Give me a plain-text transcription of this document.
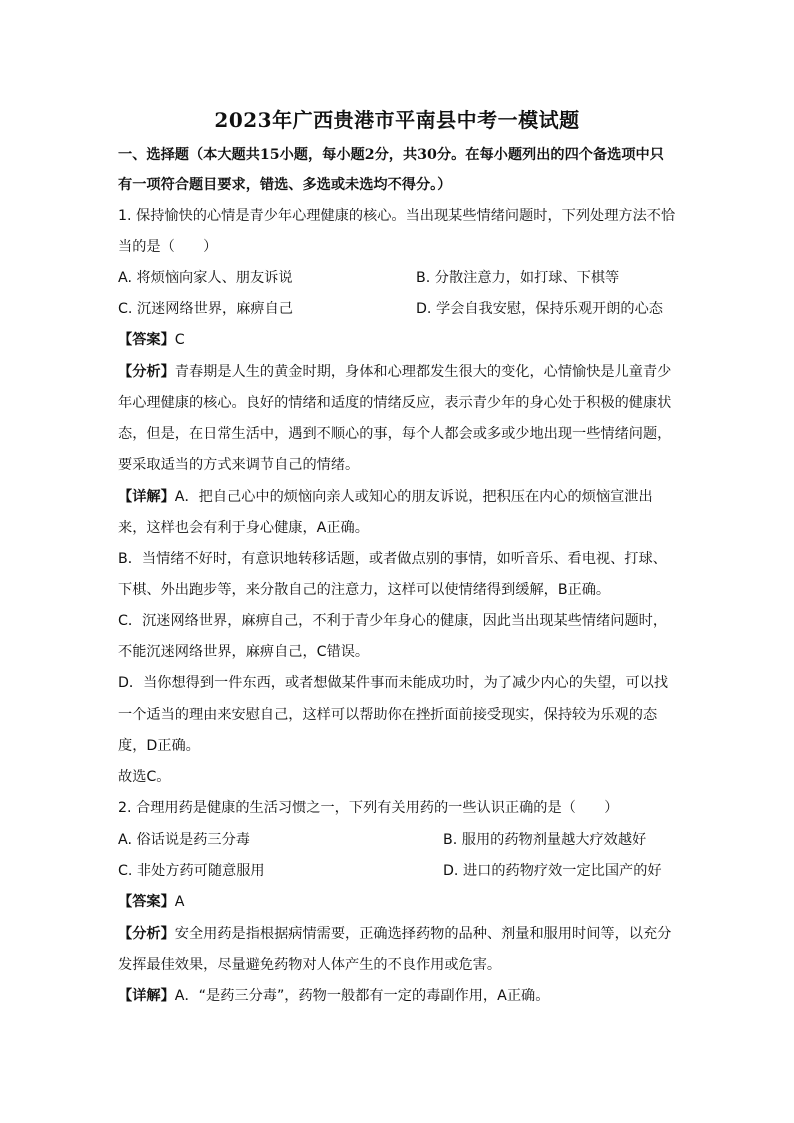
2023年广西贵港市平南县中考一模试题
一、选择题（本大题共15小题，每小题2分，共30分。在每小题列出的四个备选项中只
有一项符合题目要求，错选、多选或未选均不得分。）
1. 保持愉快的心情是青少年心理健康的核心。当出现某些情绪问题时，下列处理方法不恰
当的是（　　）
A. 将烦恼向家人、朋友诉说	B. 分散注意力，如打球、下棋等
C. 沉迷网络世界，麻痹自己	D. 学会自我安慰，保持乐观开朗的心态
【答案】C
【分析】青春期是人生的黄金时期，身体和心理都发生很大的变化，心情愉快是儿童青少
年心理健康的核心。良好的情绪和适度的情绪反应，表示青少年的身心处于积极的健康状
态，但是，在日常生活中，遇到不顺心的事，每个人都会或多或少地出现一些情绪问题，
要采取适当的方式来调节自己的情绪。
【详解】A．把自己心中的烦恼向亲人或知心的朋友诉说，把积压在内心的烦恼宣泄出
来，这样也会有利于身心健康，A正确。
B．当情绪不好时，有意识地转移话题，或者做点别的事情，如听音乐、看电视、打球、
下棋、外出跑步等，来分散自己的注意力，这样可以使情绪得到缓解，B正确。
C．沉迷网络世界，麻痹自己，不利于青少年身心的健康，因此当出现某些情绪问题时，
不能沉迷网络世界，麻痹自己，C错误。
D．当你想得到一件东西，或者想做某件事而未能成功时，为了减少内心的失望，可以找
一个适当的理由来安慰自己，这样可以帮助你在挫折面前接受现实，保持较为乐观的态
度，D正确。
故选C。
2. 合理用药是健康的生活习惯之一，下列有关用药的一些认识正确的是（　　）
A. 俗话说是药三分毒	B. 服用的药物剂量越大疗效越好
C. 非处方药可随意服用	D. 进口的药物疗效一定比国产的好
【答案】A
【分析】安全用药是指根据病情需要，正确选择药物的品种、剂量和服用时间等，以充分
发挥最佳效果，尽量避免药物对人体产生的不良作用或危害。
【详解】A．“是药三分毒”，药物一般都有一定的毒副作用，A正确。
